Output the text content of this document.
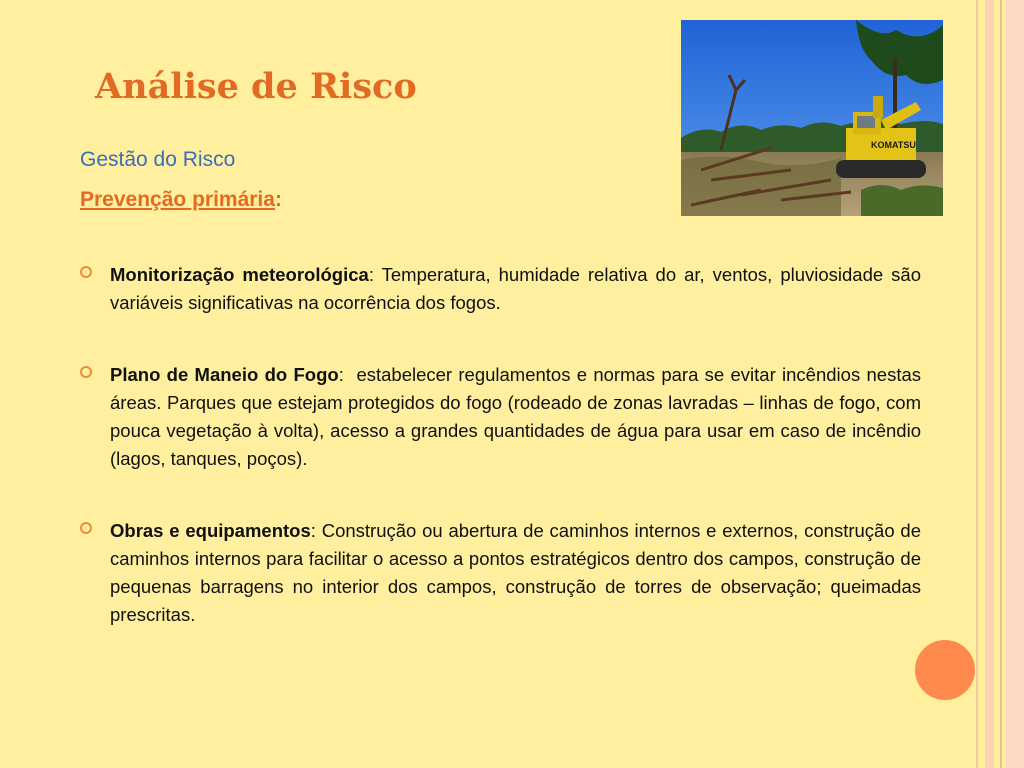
Análise de Risco
Gestão do Risco
Prevenção primária:
KOMATSU
Monitorização meteorológica: Temperatura, humidade relativa do ar, ventos, pluviosidade são variáveis significativas na ocorrência dos fogos.
Plano de Maneio do Fogo:  estabelecer regulamentos e normas para se evitar incêndios nestas áreas. Parques que estejam protegidos do fogo (rodeado de zonas lavradas – linhas de fogo, com pouca vegetação à volta), acesso a grandes quantidades de água para usar em caso de incêndio (lagos, tanques, poços).
Obras e equipamentos: Construção ou abertura de caminhos internos e externos, construção de caminhos internos para facilitar o acesso a pontos estratégicos dentro dos campos, construção de pequenas barragens no interior dos campos, construção de torres de observação; queimadas prescritas.
